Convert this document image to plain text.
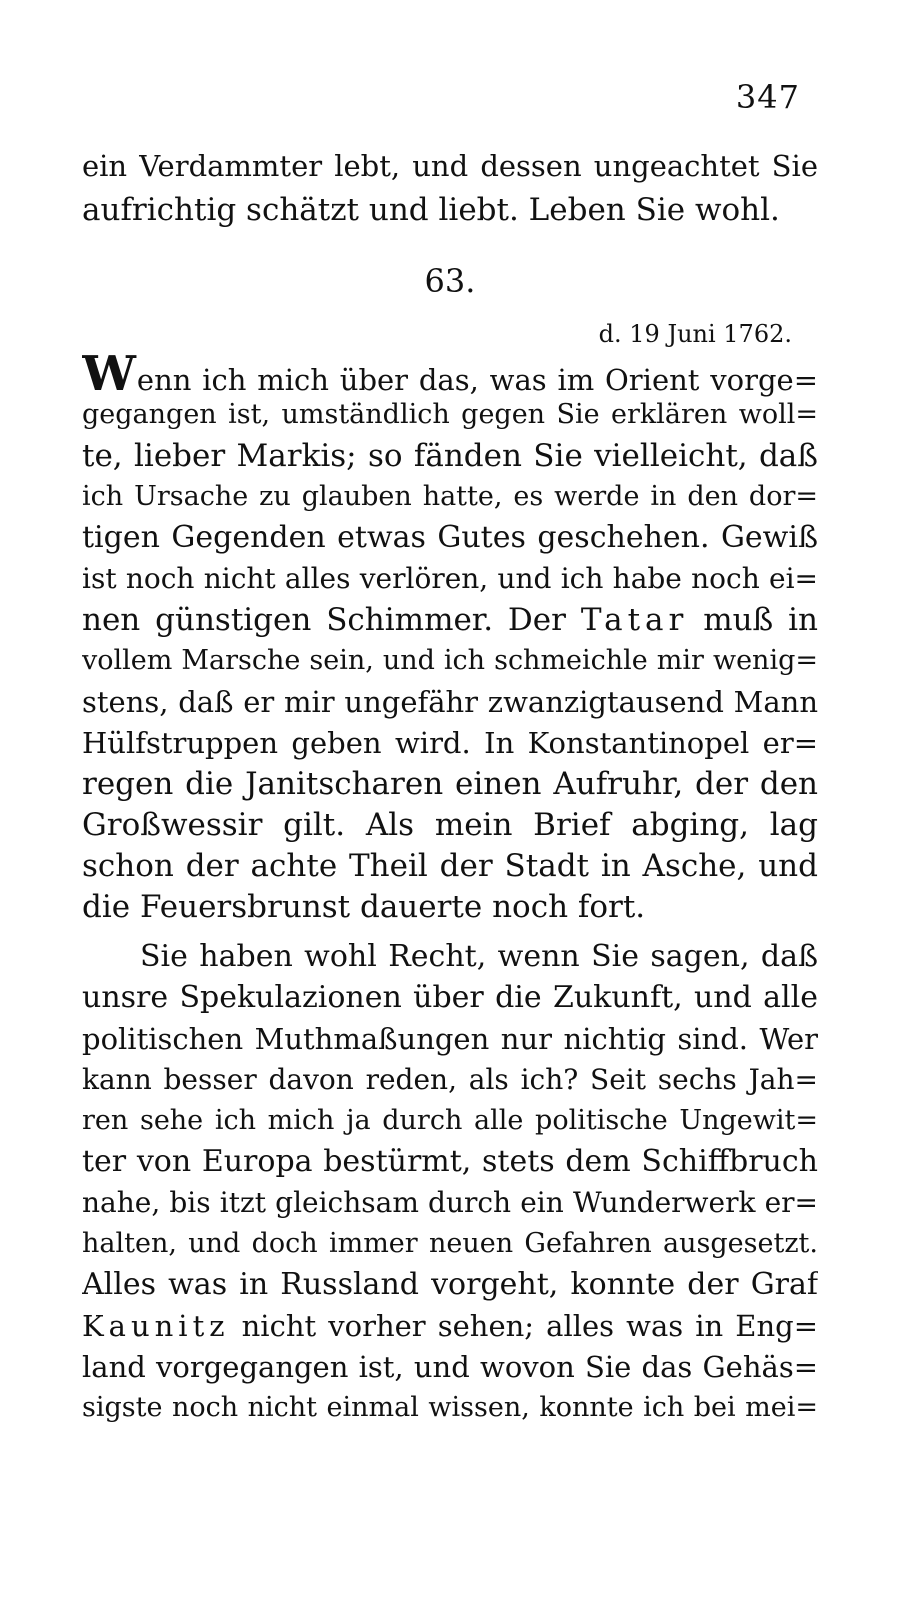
347
ein Verdammter lebt, und dessen ungeachtet Sie
aufrichtig schätzt und liebt. Leben Sie wohl.
63.
d. 19 Juni 1762.
Wenn ich mich über das, was im Orient vorge=
gegangen ist, umständlich gegen Sie erklären woll=
te, lieber Markis; so fänden Sie vielleicht, daß
ich Ursache zu glauben hatte, es werde in den dor=
tigen Gegenden etwas Gutes geschehen. Gewiß
ist noch nicht alles verlören, und ich habe noch ei=
nen günstigen Schimmer. Der Tatar muß in
vollem Marsche sein, und ich schmeichle mir wenig=
stens, daß er mir ungefähr zwanzigtausend Mann
Hülfstruppen geben wird. In Konstantinopel er=
regen die Janitscharen einen Aufruhr, der den
Großwessir gilt. Als mein Brief abging, lag
schon der achte Theil der Stadt in Asche, und
die Feuersbrunst dauerte noch fort.
Sie haben wohl Recht, wenn Sie sagen, daß
unsre Spekulazionen über die Zukunft, und alle
politischen Muthmaßungen nur nichtig sind. Wer
kann besser davon reden, als ich? Seit sechs Jah=
ren sehe ich mich ja durch alle politische Ungewit=
ter von Europa bestürmt, stets dem Schiffbruch
nahe, bis itzt gleichsam durch ein Wunderwerk er=
halten, und doch immer neuen Gefahren ausgesetzt.
Alles was in Russland vorgeht, konnte der Graf
Kaunitz nicht vorher sehen; alles was in Eng=
land vorgegangen ist, und wovon Sie das Gehäs=
sigste noch nicht einmal wissen, konnte ich bei mei=
